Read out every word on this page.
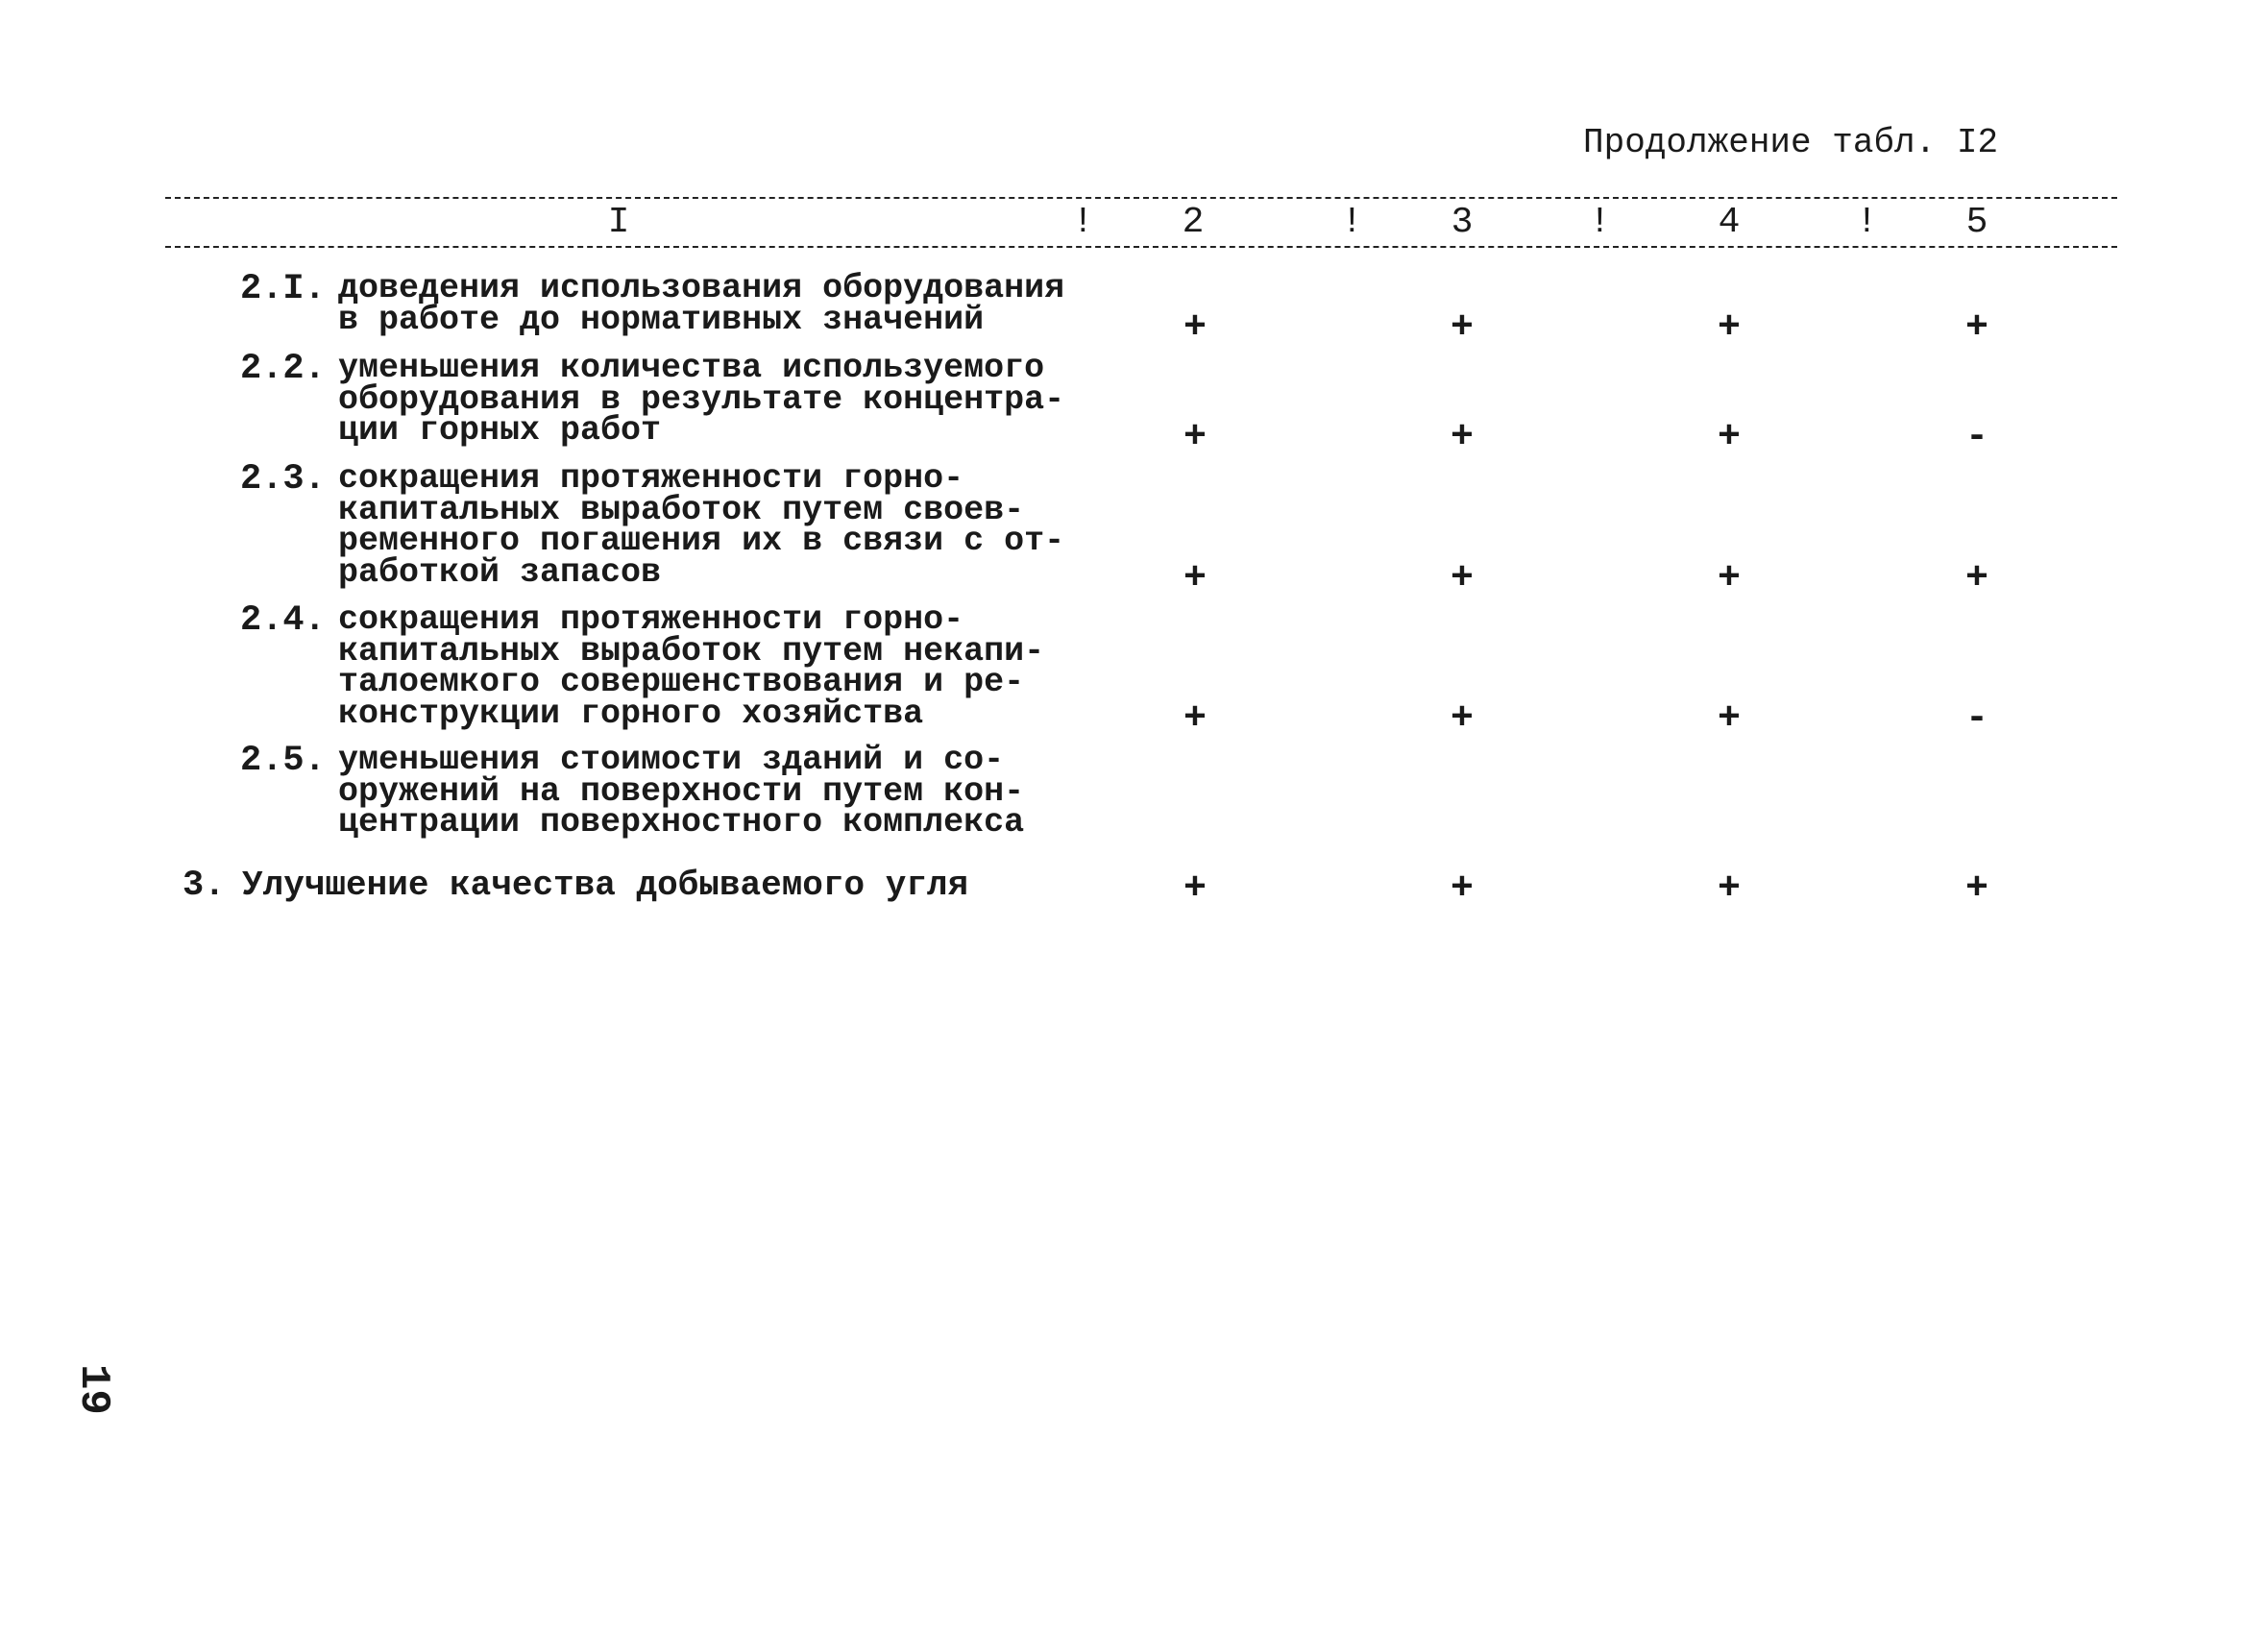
Продолжение табл. I2
I	! 2	! 3	!	4	! 5
2.I. доведения использования оборудования
в работе до нормативных значений	+	+	+	+
2.2. уменьшения количества используемого
оборудования в результате концентра-
ции горных работ	+	+	+	-
2.3. сокращения протяженности горно-
капитальных выработок путем своев-
ременного погашения их в связи с от-
работкой запасов	+	+	+	+
2.4. сокращения протяженности горно-
капитальных выработок путем некапи-
талоемкого совершенствования и ре-
конструкции горного хозяйства	+	+	+	-
2.5. уменьшения стоимости зданий и со-
оружений на поверхности путем кон-
центрации поверхностного комплекса
3. Улучшение качества добываемого угля	+	+	+	+
19
